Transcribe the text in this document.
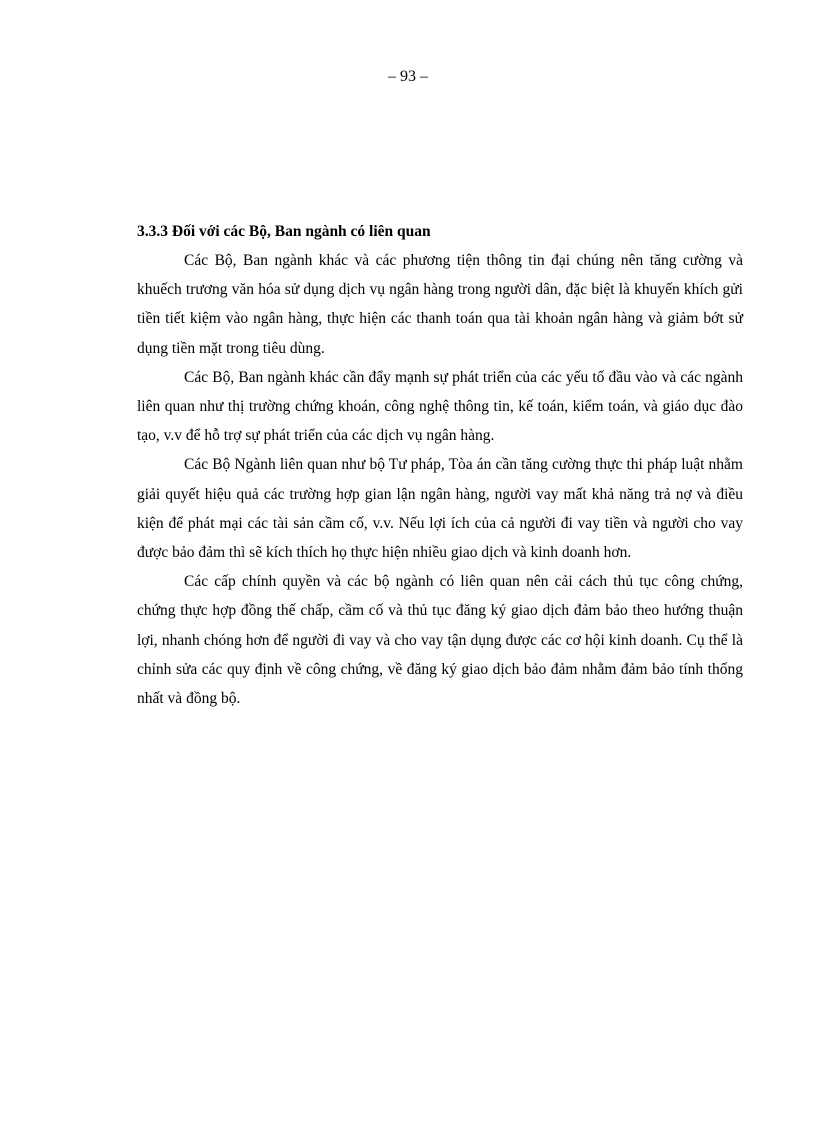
– 93 –

3.3.3 Đối với các Bộ, Ban ngành có liên quan

Các Bộ, Ban ngành khác và các phương tiện thông tin đại chúng nên tăng cường và khuếch trương văn hóa sử dụng dịch vụ ngân hàng trong người dân, đặc biệt là khuyến khích gửi tiền tiết kiệm vào ngân hàng, thực hiện các thanh toán qua tài khoản ngân hàng và giảm bớt sử dụng tiền mặt trong tiêu dùng.

Các Bộ, Ban ngành khác cần đẩy mạnh sự phát triển của các yếu tố đầu vào và các ngành liên quan như thị trường chứng khoán, công nghệ thông tin, kế toán, kiểm toán, và giáo dục đào tạo, v.v để hỗ trợ sự phát triển của các dịch vụ ngân hàng.

Các Bộ Ngành liên quan như bộ Tư pháp, Tòa án cần tăng cường thực thi pháp luật nhằm giải quyết hiệu quả các trường hợp gian lận ngân hàng, người vay mất khả năng trả nợ và điều kiện để phát mại các tài sản cầm cố, v.v. Nếu lợi ích của cả người đi vay tiền và người cho vay được bảo đảm thì sẽ kích thích họ thực hiện nhiều giao dịch và kinh doanh hơn.

Các cấp chính quyền và các bộ ngành có liên quan nên cải cách thủ tục công chứng, chứng thực hợp đồng thế chấp, cầm cố và thủ tục đăng ký giao dịch đảm bảo theo hướng thuận lợi, nhanh chóng hơn để người đi vay và cho vay tận dụng được các cơ hội kinh doanh. Cụ thể là chỉnh sửa các quy định về công chứng, về đăng ký giao dịch bảo đảm nhằm đảm bảo tính thống nhất và đồng bộ.
